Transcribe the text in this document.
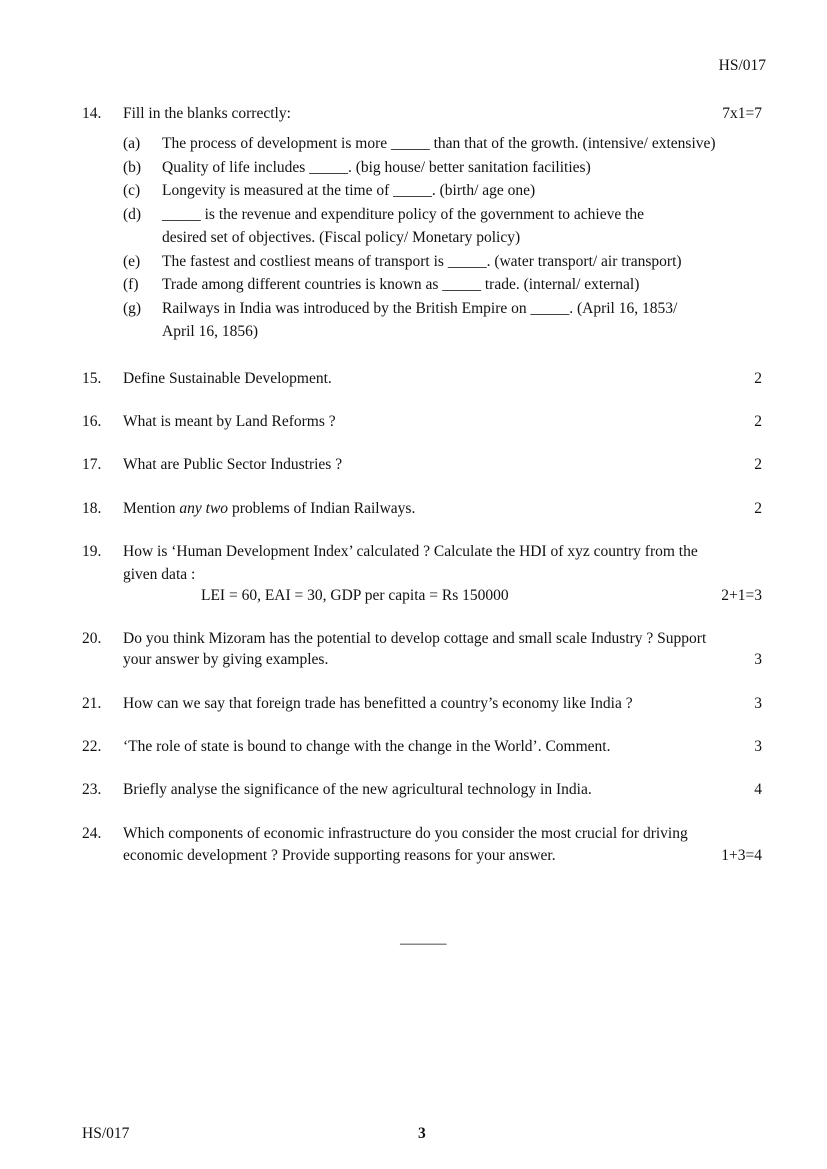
HS/017
14. Fill in the blanks correctly:	7x1=7
(a) The process of development is more _____ than that of the growth. (intensive/ extensive)
(b) Quality of life includes _____. (big house/ better sanitation facilities)
(c) Longevity is measured at the time of _____. (birth/ age one)
(d) _____ is the revenue and expenditure policy of the government to achieve the
desired set of objectives. (Fiscal policy/ Monetary policy)
(e) The fastest and costliest means of transport is _____. (water transport/ air transport)
(f) Trade among different countries is known as _____ trade. (internal/ external)
(g) Railways in India was introduced by the British Empire on _____. (April 16, 1853/
April 16, 1856)
15. Define Sustainable Development.	2
16. What is meant by Land Reforms ?	2
17. What are Public Sector Industries ?	2
18. Mention any two problems of Indian Railways.	2
19. How is ‘Human Development Index’ calculated ? Calculate the HDI of xyz country from the
given data :
LEI = 60, EAI = 30, GDP per capita = Rs 150000	2+1=3
20. Do you think Mizoram has the potential to develop cottage and small scale Industry ? Support
your answer by giving examples.	3
21. How can we say that foreign trade has benefitted a country’s economy like India ?	3
22. ‘The role of state is bound to change with the change in the World’. Comment.	3
23. Briefly analyse the significance of the new agricultural technology in India.	4
24. Which components of economic infrastructure do you consider the most crucial for driving
economic development ? Provide supporting reasons for your answer.	1+3=4
———
HS/017	3
